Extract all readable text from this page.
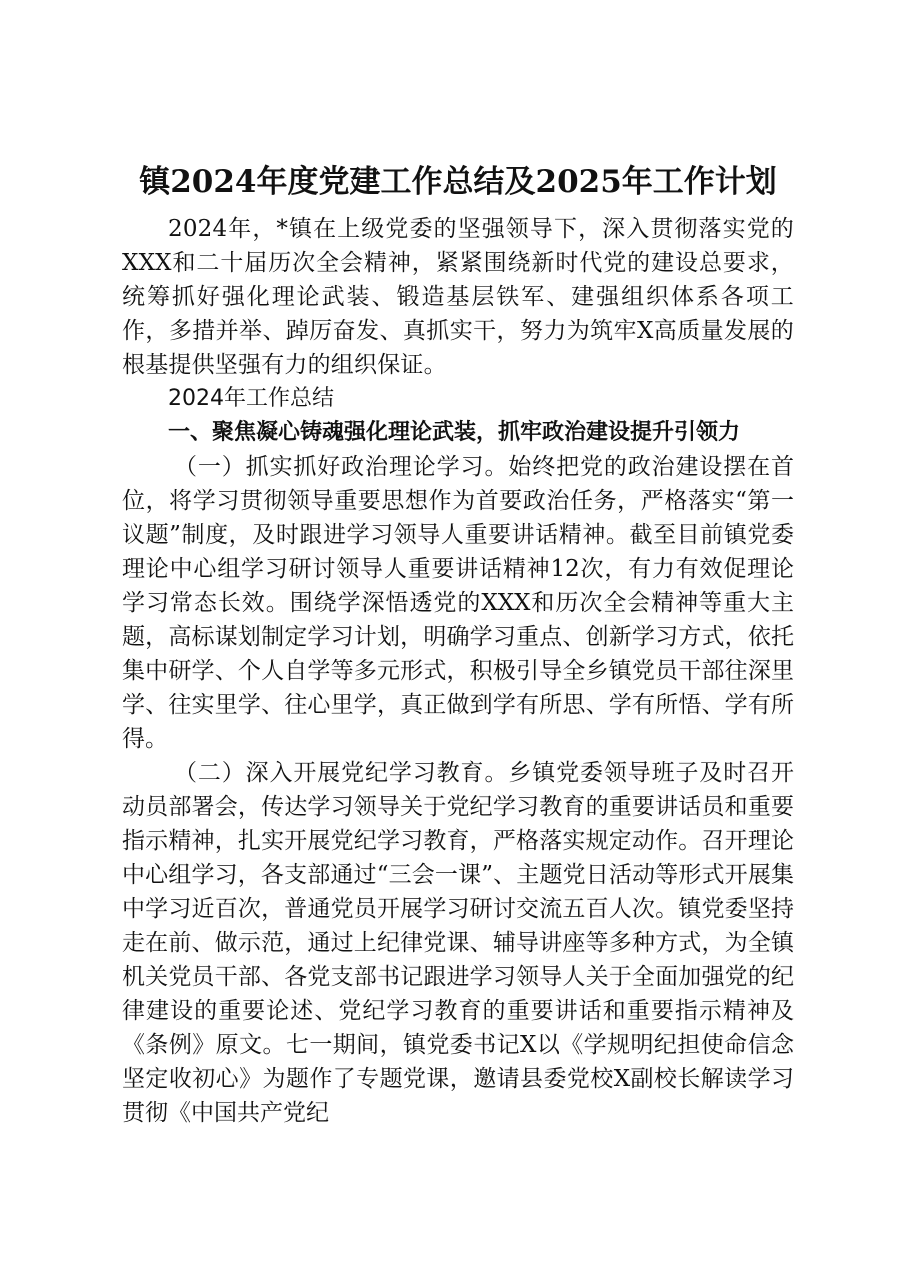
镇2024年度党建工作总结及2025年工作计划

2024年，*镇在上级党委的坚强领导下，深入贯彻落实党的XXX和二十届历次全会精神，紧紧围绕新时代党的建设总要求，统筹抓好强化理论武装、锻造基层铁军、建强组织体系各项工作，多措并举、踔厉奋发、真抓实干，努力为筑牢X高质量发展的根基提供坚强有力的组织保证。

2024年工作总结

一、聚焦凝心铸魂强化理论武装，抓牢政治建设提升引领力

（一）抓实抓好政治理论学习。始终把党的政治建设摆在首位，将学习贯彻领导重要思想作为首要政治任务，严格落实“第一议题”制度，及时跟进学习领导人重要讲话精神。截至目前镇党委理论中心组学习研讨领导人重要讲话精神12次，有力有效促理论学习常态长效。围绕学深悟透党的XXX和历次全会精神等重大主题，高标谋划制定学习计划，明确学习重点、创新学习方式，依托集中研学、个人自学等多元形式，积极引导全乡镇党员干部往深里学、往实里学、往心里学，真正做到学有所思、学有所悟、学有所得。

（二）深入开展党纪学习教育。乡镇党委领导班子及时召开动员部署会，传达学习领导关于党纪学习教育的重要讲话员和重要指示精神，扎实开展党纪学习教育，严格落实规定动作。召开理论中心组学习，各支部通过“三会一课”、主题党日活动等形式开展集中学习近百次，普通党员开展学习研讨交流五百人次。镇党委坚持走在前、做示范，通过上纪律党课、辅导讲座等多种方式，为全镇机关党员干部、各党支部书记跟进学习领导人关于全面加强党的纪律建设的重要论述、党纪学习教育的重要讲话和重要指示精神及《条例》原文。七一期间，镇党委书记X以《学规明纪担使命信念坚定收初心》为题作了专题党课，邀请县委党校X副校长解读学习贯彻《中国共产党纪
